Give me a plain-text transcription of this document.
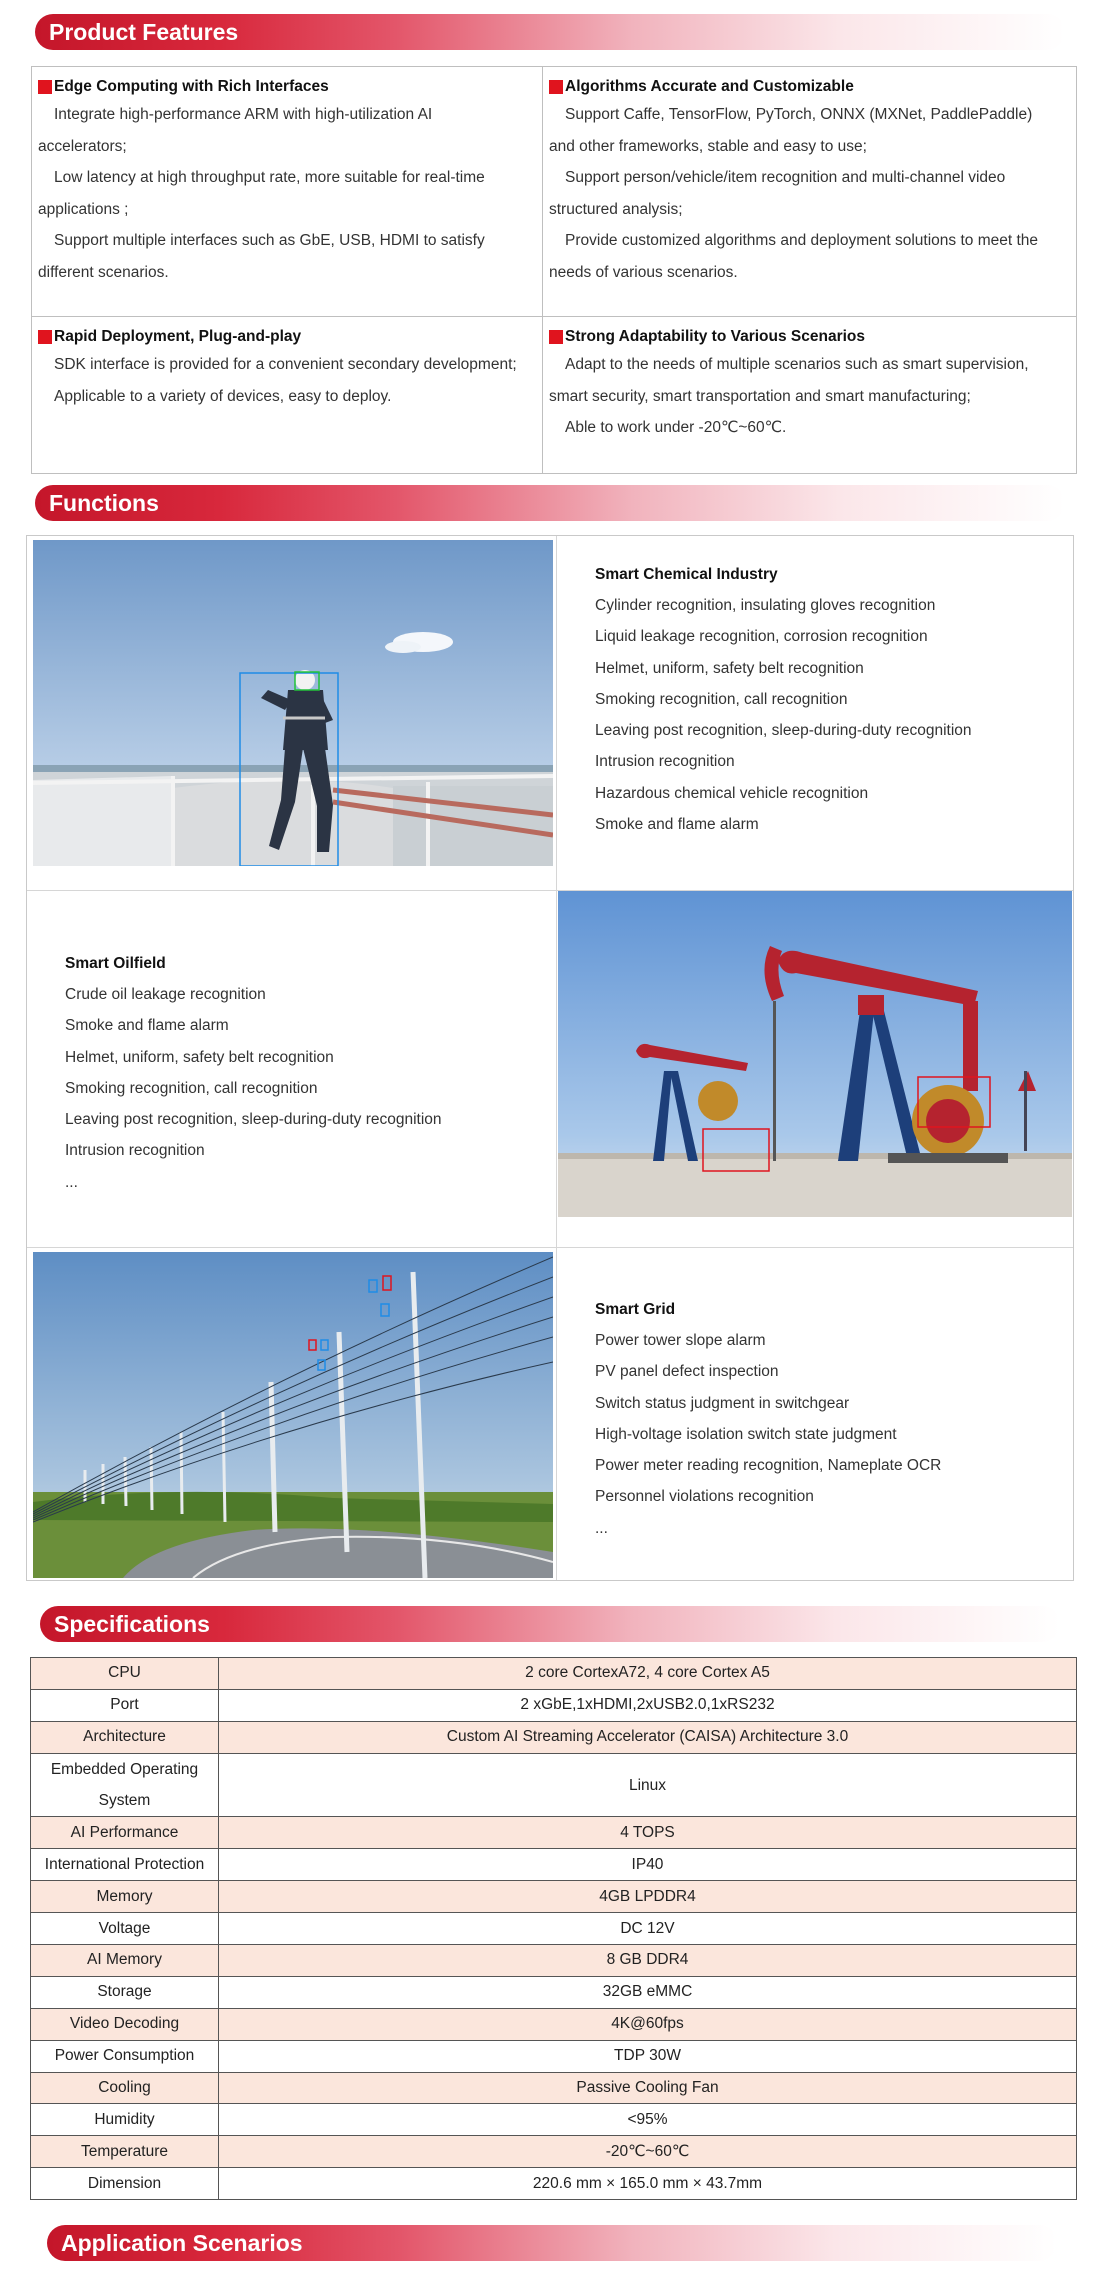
Product Features
Edge Computing with Rich Interfaces
Integrate high-performance ARM with high-utilization AI
accelerators;
Low latency at high throughput rate, more suitable for real-time
applications ;
Support multiple interfaces such as GbE, USB, HDMI to satisfy
different scenarios.
Algorithms Accurate and Customizable
Support Caffe, TensorFlow, PyTorch, ONNX (MXNet, PaddlePaddle)
and other frameworks, stable and easy to use;
Support person/vehicle/item recognition and multi-channel video
structured analysis;
Provide customized algorithms and deployment solutions to meet the
needs of various scenarios.
Rapid Deployment, Plug-and-play
SDK interface is provided for a convenient secondary development;
Applicable to a variety of devices, easy to deploy.
Strong Adaptability to Various Scenarios
Adapt to the needs of multiple scenarios such as smart supervision,
smart security, smart transportation and smart manufacturing;
Able to work under -20℃~60℃.
Functions
Smart Chemical Industry
Cylinder recognition, insulating gloves recognition
Liquid leakage recognition, corrosion recognition
Helmet, uniform, safety belt recognition
Smoking recognition, call recognition
Leaving post recognition, sleep-during-duty recognition
Intrusion recognition
Hazardous chemical vehicle recognition
Smoke and flame alarm
Smart Oilfield
Crude oil leakage recognition
Smoke and flame alarm
Helmet, uniform, safety belt recognition
Smoking recognition, call recognition
Leaving post recognition, sleep-during-duty recognition
Intrusion recognition
...
Smart Grid
Power tower slope alarm
PV panel defect inspection
Switch status judgment in switchgear
High-voltage isolation switch state judgment
Power meter reading recognition, Nameplate OCR
Personnel violations recognition
...
Specifications
CPU	2 core CortexA72, 4 core Cortex A5
Port	2 xGbE,1xHDMI,2xUSB2.0,1xRS232
Architecture	Custom AI Streaming Accelerator (CAISA) Architecture 3.0
Embedded Operating System	Linux
AI Performance	4 TOPS
International Protection	IP40
Memory	4GB LPDDR4
Voltage	DC 12V
AI Memory	8 GB DDR4
Storage	32GB eMMC
Video Decoding	4K@60fps
Power Consumption	TDP 30W
Cooling	Passive Cooling Fan
Humidity	<95%
Temperature	-20℃~60℃
Dimension	220.6 mm × 165.0 mm × 43.7mm
Application Scenarios
